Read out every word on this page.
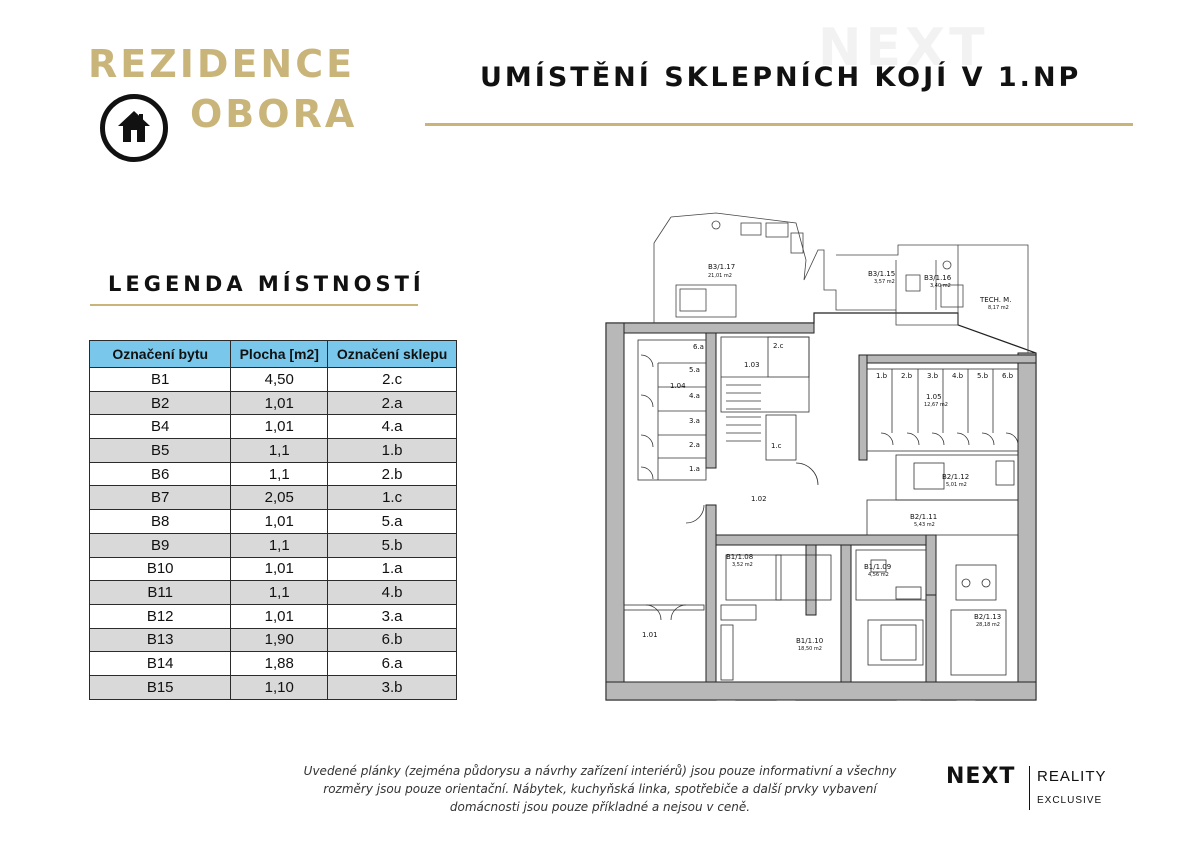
REZIDENCE
OBORA
NEXT
UMÍSTĚNÍ SKLEPNÍCH KOJÍ V 1.NP
LEGENDA MÍSTNOSTÍ
Označení bytu	Plocha [m2]	Označení sklepu
B1	4,50	2.c
B2	1,01	2.a
B4	1,01	4.a
B5	1,1	1.b
B6	1,1	2.b
B7	2,05	1.c
B8	1,01	5.a
B9	1,1	5.b
B10	1,01	1.a
B11	1,1	4.b
B12	1,01	3.a
B13	1,90	6.b
B14	1,88	6.a
B15	1,10	3.b
B3/1.17
21,01 m2	B3/1.15
3,57 m2	B3/1.16
3,40 m2
TECH. M.
8,17 m2
6.a
5.a
1.04
4.a
3.a
2.a
1.a
2.c
1.03
1.c
1.b 2.b 3.b 4.b 5.b 6.b
1.05
12,67 m2
1.02
B2/1.12
5,01 m2
B2/1.11
5,43 m2
B1/1.08
3,52 m2	B1/1.09
4,56 m2
B1/1.10
18,50 m2
B2/1.13
28,18 m2
1.01
Uvedené plánky (zejména půdorysu a návrhy zařízení interiérů) jsou pouze informativní a všechny
rozměry jsou pouze orientační. Nábytek, kuchyňská linka, spotřebiče a další prvky vybavení
domácnosti jsou pouze příkladné a nejsou v ceně.
NEXT REALITY
EXCLUSIVE
